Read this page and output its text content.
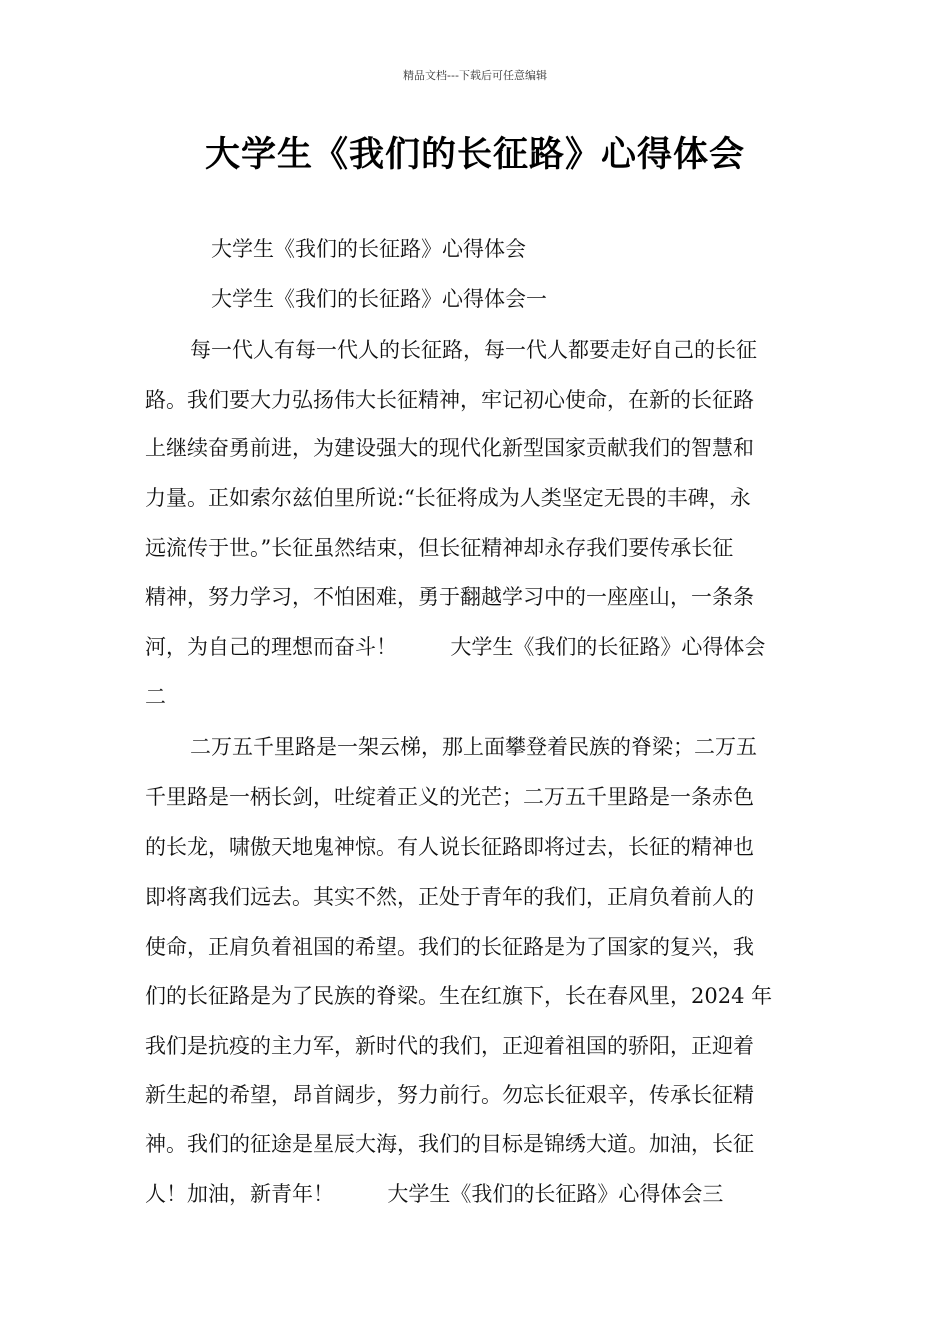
精品文档---下载后可任意编辑
大学生《我们的长征路》心得体会
大学生《我们的长征路》心得体会
大学生《我们的长征路》心得体会一
每一代人有每一代人的长征路，每一代人都要走好自己的长征
路。我们要大力弘扬伟大长征精神，牢记初心使命，在新的长征路
上继续奋勇前进，为建设强大的现代化新型国家贡献我们的智慧和
力量。正如索尔兹伯里所说:“长征将成为人类坚定无畏的丰碑，永
远流传于世。”长征虽然结束，但长征精神却永存我们要传承长征
精神，努力学习，不怕困难，勇于翻越学习中的一座座山，一条条
河，为自己的理想而奋斗！        大学生《我们的长征路》心得体会
二
二万五千里路是一架云梯，那上面攀登着民族的脊梁；二万五
千里路是一柄长剑，吐绽着正义的光芒；二万五千里路是一条赤色
的长龙，啸傲天地鬼神惊。有人说长征路即将过去，长征的精神也
即将离我们远去。其实不然，正处于青年的我们，正肩负着前人的
使命，正肩负着祖国的希望。我们的长征路是为了国家的复兴，我
们的长征路是为了民族的脊梁。生在红旗下，长在春风里，2024 年
我们是抗疫的主力军，新时代的我们，正迎着祖国的骄阳，正迎着
新生起的希望，昂首阔步，努力前行。勿忘长征艰辛，传承长征精
神。我们的征途是星辰大海，我们的目标是锦绣大道。加油，长征
人！加油，新青年！        大学生《我们的长征路》心得体会三
